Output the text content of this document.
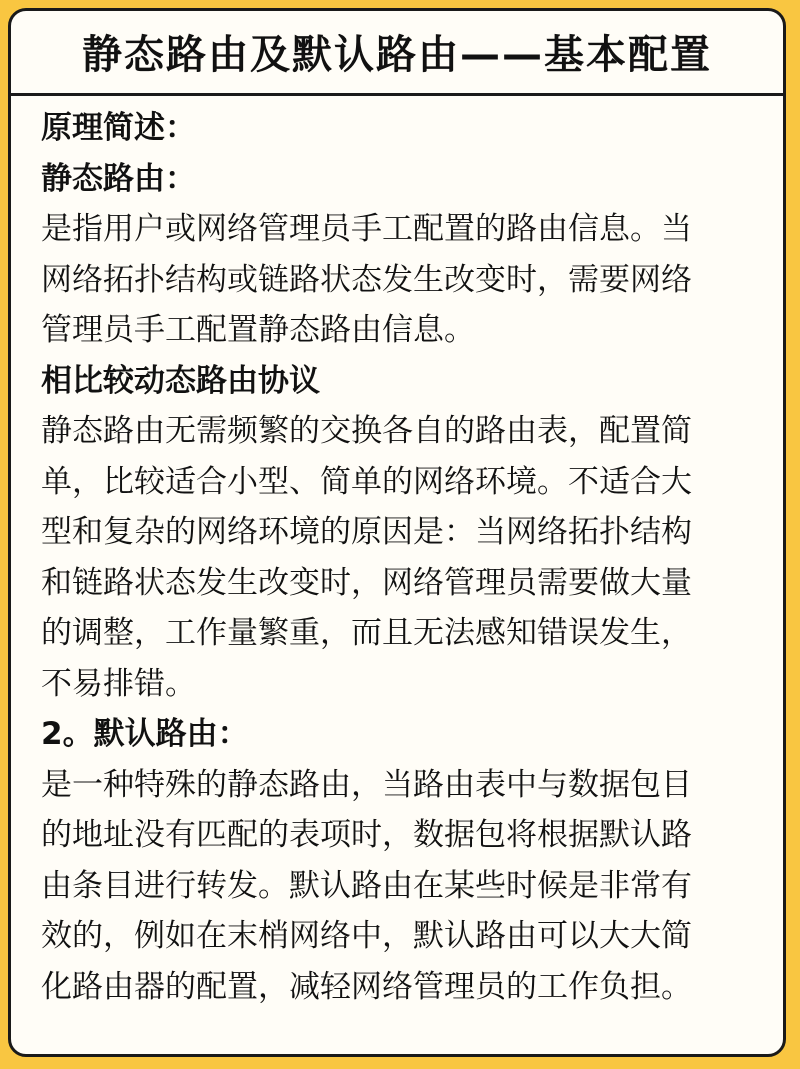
静态路由及默认路由——基本配置

原理简述：

静态路由：

是指用户或网络管理员手工配置的路由信息。当

网络拓扑结构或链路状态发生改变时，需要网络

管理员手工配置静态路由信息。

相比较动态路由协议

静态路由无需频繁的交换各自的路由表，配置简

单，比较适合小型、简单的网络环境。不适合大

型和复杂的网络环境的原因是：当网络拓扑结构

和链路状态发生改变时，网络管理员需要做大量

的调整，工作量繁重，而且无法感知错误发生，

不易排错。

2。默认路由：

是一种特殊的静态路由，当路由表中与数据包目

的地址没有匹配的表项时，数据包将根据默认路

由条目进行转发。默认路由在某些时候是非常有

效的，例如在末梢网络中，默认路由可以大大简

化路由器的配置，减轻网络管理员的工作负担。
